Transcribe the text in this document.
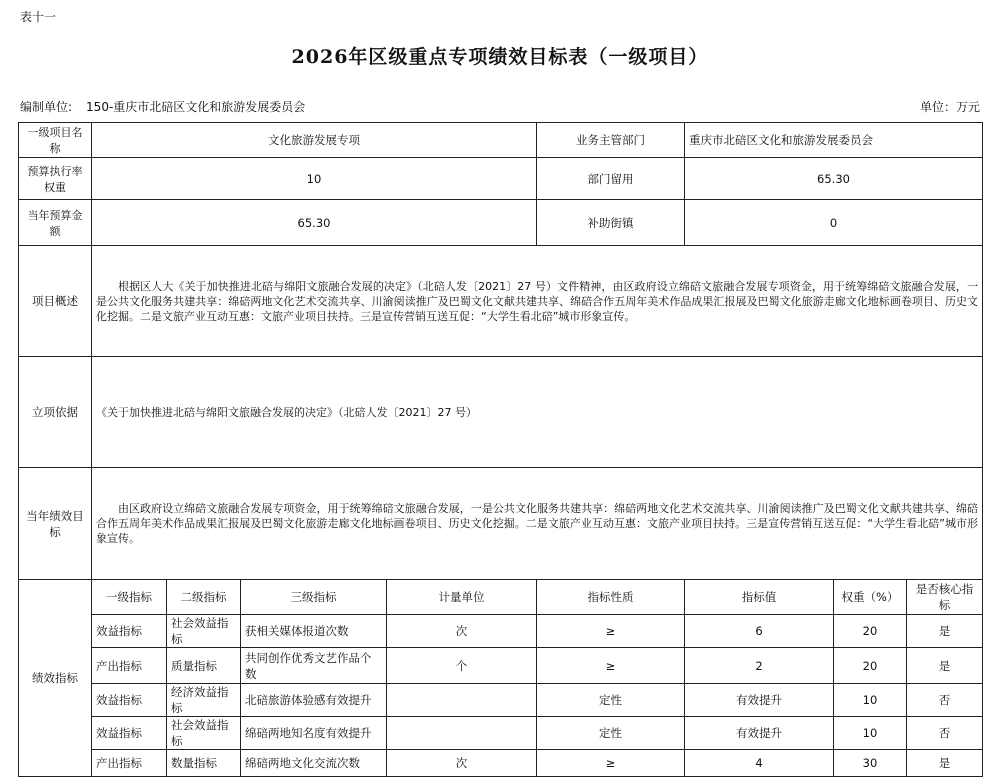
表十一
2026年区级重点专项绩效目标表（一级项目）
编制单位: 150-重庆市北碚区文化和旅游发展委员会	单位：万元
一级项目名称	文化旅游发展专项				业务主管部门	重庆市北碚区文化和旅游发展委员会		
预算执行率权重	10				部门留用	65.30		
当年预算金额	65.30				补助街镇	0		
项目概述	根据区人大《关于加快推进北碚与绵阳文旅融合发展的决定》（北碚人发〔2021〕27 号）文件精神，由区政府设立绵碚文旅融合发展专项资金，用于统筹绵碚文旅融合发展，一是公共文化服务共建共享：绵碚两地文化艺术交流共享、川渝阅读推广及巴蜀文化文献共建共享、绵碚合作五周年美术作品成果汇报展及巴蜀文化旅游走廊文化地标画卷项目、历史文化挖掘。二是文旅产业互动互惠：文旅产业项目扶持。三是宣传营销互送互促：“大学生看北碚”城市形象宣传。							
立项依据	《关于加快推进北碚与绵阳文旅融合发展的决定》（北碚人发〔2021〕27 号）							
当年绩效目标	由区政府设立绵碚文旅融合发展专项资金，用于统筹绵碚文旅融合发展，一是公共文化服务共建共享：绵碚两地文化艺术交流共享、川渝阅读推广及巴蜀文化文献共建共享、绵碚合作五周年美术作品成果汇报展及巴蜀文化旅游走廊文化地标画卷项目、历史文化挖掘。二是文旅产业互动互惠：文旅产业项目扶持。三是宣传营销互送互促：“大学生看北碚”城市形象宣传。							
绩效指标	一级指标	二级指标	三级指标	计量单位	指标性质	指标值	权重（%）	是否核心指标
	效益指标	社会效益指标	获相关媒体报道次数	次	≥	6	20	是
	产出指标	质量指标	共同创作优秀文艺作品个数	个	≥	2	20	是
	效益指标	经济效益指标	北碚旅游体验感有效提升		定性	有效提升	10	否
	效益指标	社会效益指标	绵碚两地知名度有效提升		定性	有效提升	10	否
	产出指标	数量指标	绵碚两地文化交流次数	次	≥	4	30	是
